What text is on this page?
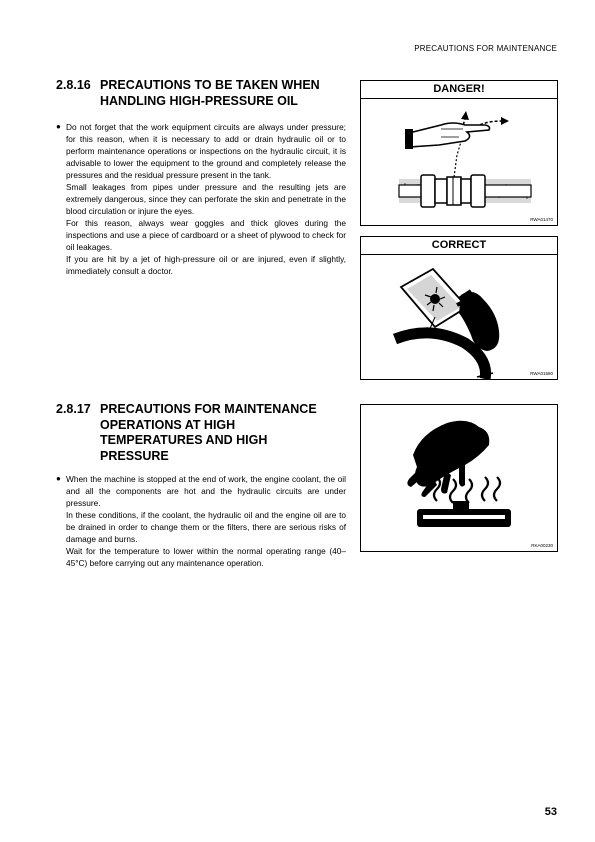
PRECAUTIONS FOR MAINTENANCE
2.8.16 PRECAUTIONS TO BE TAKEN WHEN
HANDLING HIGH-PRESSURE OIL
● Do not forget that the work equipment circuits are always under pressure; for this reason, when it is necessary to add or drain hydraulic oil or to perform maintenance operations or inspections on the hydraulic circuit, it is advisable to lower the equipment to the ground and completely release the pressures and the residual pressure present in the tank.

Small leakages from pipes under pressure and the resulting jets are extremely dangerous, since they can perforate the skin and penetrate in the blood circulation or injure the eyes.

For this reason, always wear goggles and thick gloves during the inspections and use a piece of cardboard or a sheet of plywood to check for oil leakages.

If you are hit by a jet of high-pressure oil or are injured, even if slightly, immediately consult a doctor.

2.8.17 PRECAUTIONS FOR MAINTENANCE
OPERATIONS AT HIGH
TEMPERATURES AND HIGH
PRESSURE
● When the machine is stopped at the end of work, the engine coolant, the oil and all the components are hot and the hydraulic circuits are under pressure.

In these conditions, if the coolant, the hydraulic oil and the engine oil are to be drained in order to change them or the filters, there are serious risks of damage and burns.

Wait for the temperature to lower within the normal operating range (40–45°C) before carrying out any maintenance operation.

DANGER!
RWA01470
CORRECT
RWA01580
RKA00230
53
